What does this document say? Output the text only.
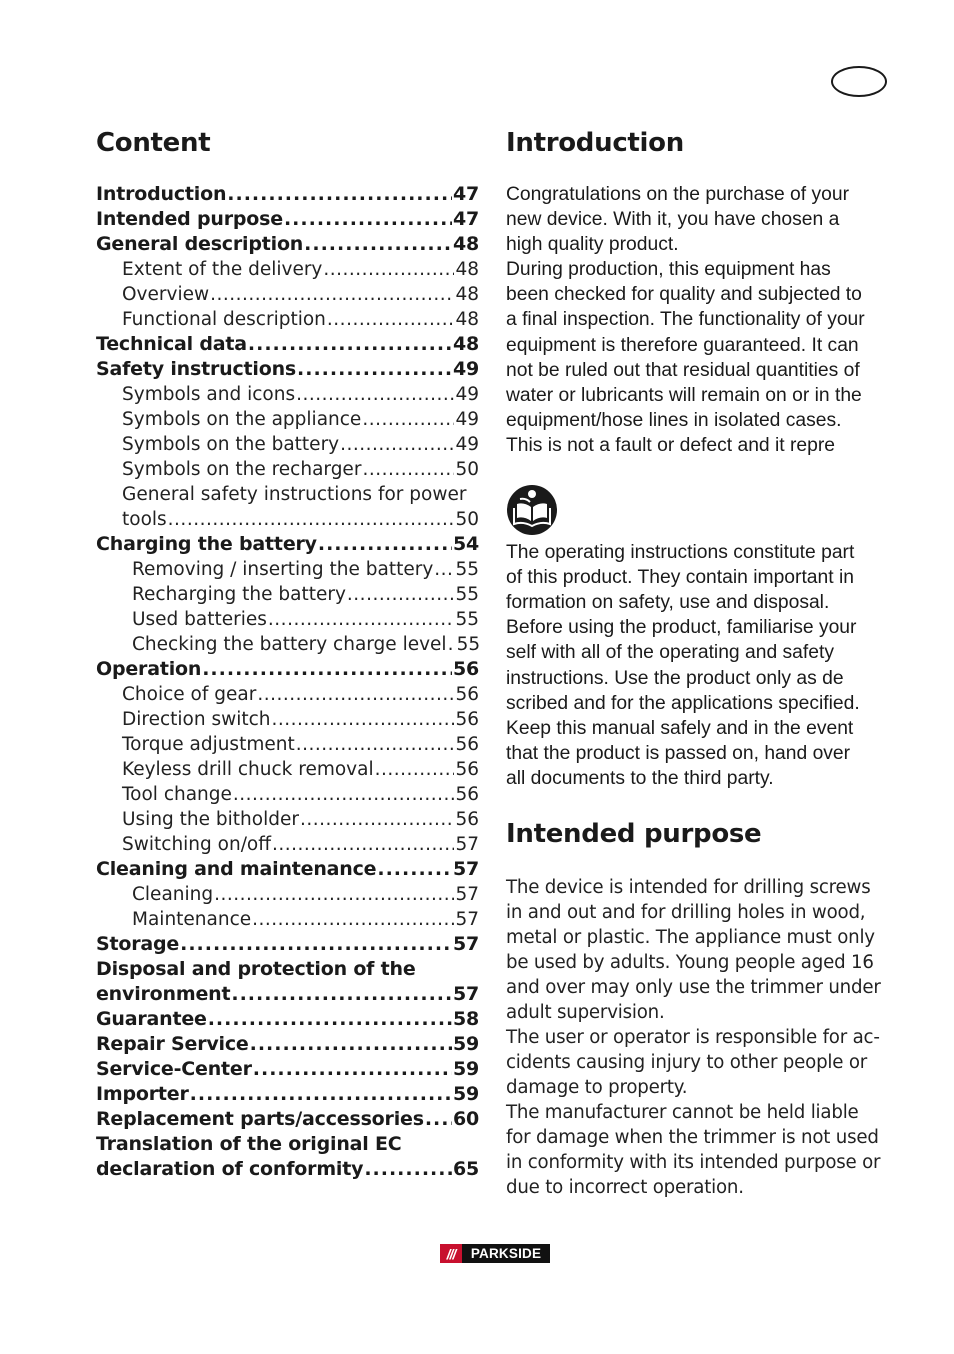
Content
Introduction .....	47
Intended purpose .....	47
General description .....	48
Extent of the delivery .....	48
Overview .....	48
Functional description .....	48
Technical data .....	48
Safety instructions .....	49
Symbols and icons .....	49
Symbols on the appliance .....	49
Symbols on the battery .....	49
Symbols on the recharger .....	50
General safety instructions for power
tools .....	50
Charging the battery .....	54
Removing / inserting the battery ..... 55
Recharging the battery .....	55
Used batteries .....	55
Checking the battery charge level ..... 55
Operation .....	56
Choice of gear .....	56
Direction switch .....	56
Torque adjustment .....	56
Keyless drill chuck removal .....	56
Tool change .....	56
Using the bitholder .....	56
Switching on/off .....	57
Cleaning and maintenance .....	57
Cleaning .....	57
Maintenance .....	57
Storage .....	57
Disposal and protection of the
environment .....	57
Guarantee .....	58
Repair Service .....	59
Service-Center .....	59
Importer .....	59
Replacement parts/accessories ..... 60
Translation of the original EC
declaration of conformity .....	65
Introduction
Congratulations on the purchase of your
new device. With it, you have chosen a
high quality product.
During production, this equipment has
been checked for quality and subjected to
a final inspection. The functionality of your
equipment is therefore guaranteed. It can
not be ruled out that residual quantities of
water or lubricants will remain on or in the
equipment/hose lines in isolated cases.
This is not a fault or defect and it repre
The operating instructions constitute part
of this product. They contain important in
formation on safety, use and disposal.
Before using the product, familiarise your
self with all of the operating and safety
instructions. Use the product only as de
scribed and for the applications specified.
Keep this manual safely and in the event
that the product is passed on, hand over
all documents to the third party.
Intended purpose
The device is intended for drilling screws
in and out and for drilling holes in wood,
metal or plastic. The appliance must only
be used by adults. Young people aged 16
and over may only use the trimmer under
adult supervision.
The user or operator is responsible for ac-
cidents causing injury to other people or
damage to property.
The manufacturer cannot be held liable
for damage when the trimmer is not used
in conformity with its intended purpose or
due to incorrect operation.
///	PARKSIDE
